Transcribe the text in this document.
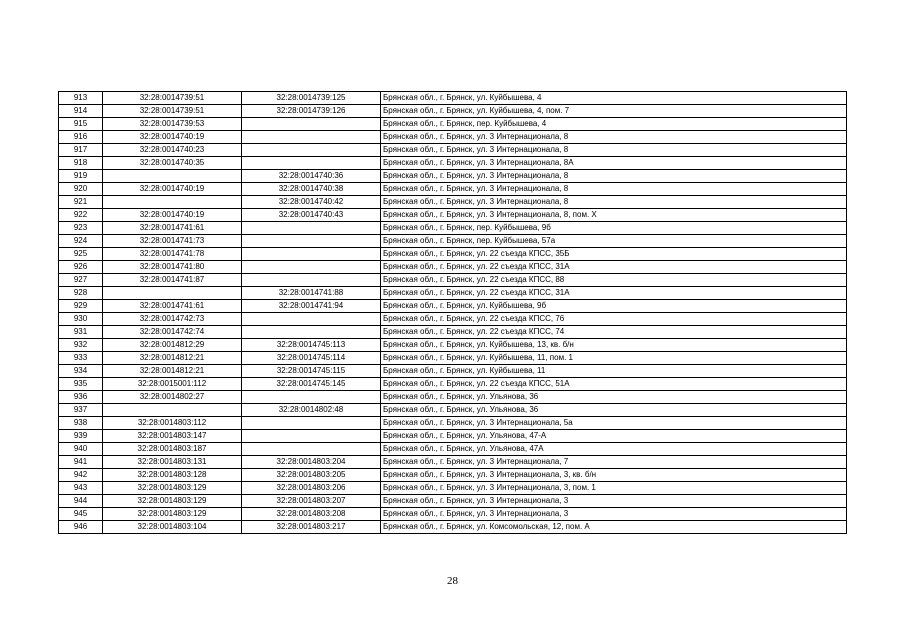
913	32:28:0014739:51	32:28:0014739:125	Брянская обл., г. Брянск, ул. Куйбышева, 4
914	32:28:0014739:51	32:28:0014739:126	Брянская обл., г. Брянск, ул. Куйбышева, 4, пом. 7
915	32:28:0014739:53		Брянская обл., г. Брянск, пер. Куйбышева, 4
916	32:28:0014740:19		Брянская обл., г. Брянск, ул. 3 Интернационала, 8
917	32:28:0014740:23		Брянская обл., г. Брянск, ул. 3 Интернационала, 8
918	32:28:0014740:35		Брянская обл., г. Брянск, ул. 3 Интернационала, 8А
919		32:28:0014740:36	Брянская обл., г. Брянск, ул. 3 Интернационала, 8
920	32:28:0014740:19	32:28:0014740:38	Брянская обл., г. Брянск, ул. 3 Интернационала, 8
921		32:28:0014740:42	Брянская обл., г. Брянск, ул. 3 Интернационала, 8
922	32:28:0014740:19	32:28:0014740:43	Брянская обл., г. Брянск, ул. 3 Интернационала, 8, пом. Х
923	32:28:0014741:61		Брянская обл., г. Брянск, пер. Куйбышева, 9б
924	32:28:0014741:73		Брянская обл., г. Брянск, пер. Куйбышева, 57а
925	32:28:0014741:78		Брянская обл., г. Брянск, ул. 22 съезда КПСС, 35Б
926	32:28:0014741:80		Брянская обл., г. Брянск, ул. 22 съезда КПСС, 31А
927	32:28:0014741:87		Брянская обл., г. Брянск, ул. 22 съезда КПСС, 88
928		32:28:0014741:88	Брянская обл., г. Брянск, ул. 22 съезда КПСС, 31А
929	32:28:0014741:61	32:28:0014741:94	Брянская обл., г. Брянск, ул. Куйбышева, 9б
930	32:28:0014742:73		Брянская обл., г. Брянск, ул. 22 съезда КПСС, 76
931	32:28:0014742:74		Брянская обл., г. Брянск, ул. 22 съезда КПСС, 74
932	32:28:0014812:29	32:28:0014745:113	Брянская обл., г. Брянск, ул. Куйбышева, 13, кв. б/н
933	32:28:0014812:21	32:28:0014745:114	Брянская обл., г. Брянск, ул. Куйбышева, 11, пом. 1
934	32:28:0014812:21	32:28:0014745:115	Брянская обл., г. Брянск, ул. Куйбышева, 11
935	32:28:0015001:112	32:28:0014745:145	Брянская обл., г. Брянск, ул. 22 съезда КПСС, 51А
936	32:28:0014802:27		Брянская обл., г. Брянск, ул. Ульянова, 36
937		32:28:0014802:48	Брянская обл., г. Брянск, ул. Ульянова, 36
938	32:28:0014803:112		Брянская обл., г. Брянск, ул. 3 Интернационала, 5а
939	32:28:0014803:147		Брянская обл., г. Брянск, ул. Ульянова, 47-А
940	32:28:0014803:187		Брянская обл., г. Брянск, ул. Ульянова, 47А
941	32:28:0014803:131	32:28:0014803:204	Брянская обл., г. Брянск, ул. 3 Интернационала, 7
942	32:28:0014803:128	32:28:0014803:205	Брянская обл., г. Брянск, ул. 3 Интернационала, 3, кв. б/н
943	32:28:0014803:129	32:28:0014803:206	Брянская обл., г. Брянск, ул. 3 Интернационала, 3, пом. 1
944	32:28:0014803:129	32:28:0014803:207	Брянская обл., г. Брянск, ул. 3 Интернационала, 3
945	32:28:0014803:129	32:28:0014803:208	Брянская обл., г. Брянск, ул. 3 Интернационала, 3
946	32:28:0014803:104	32:28:0014803:217	Брянская обл., г. Брянск, ул. Комсомольская, 12, пом. А
28
